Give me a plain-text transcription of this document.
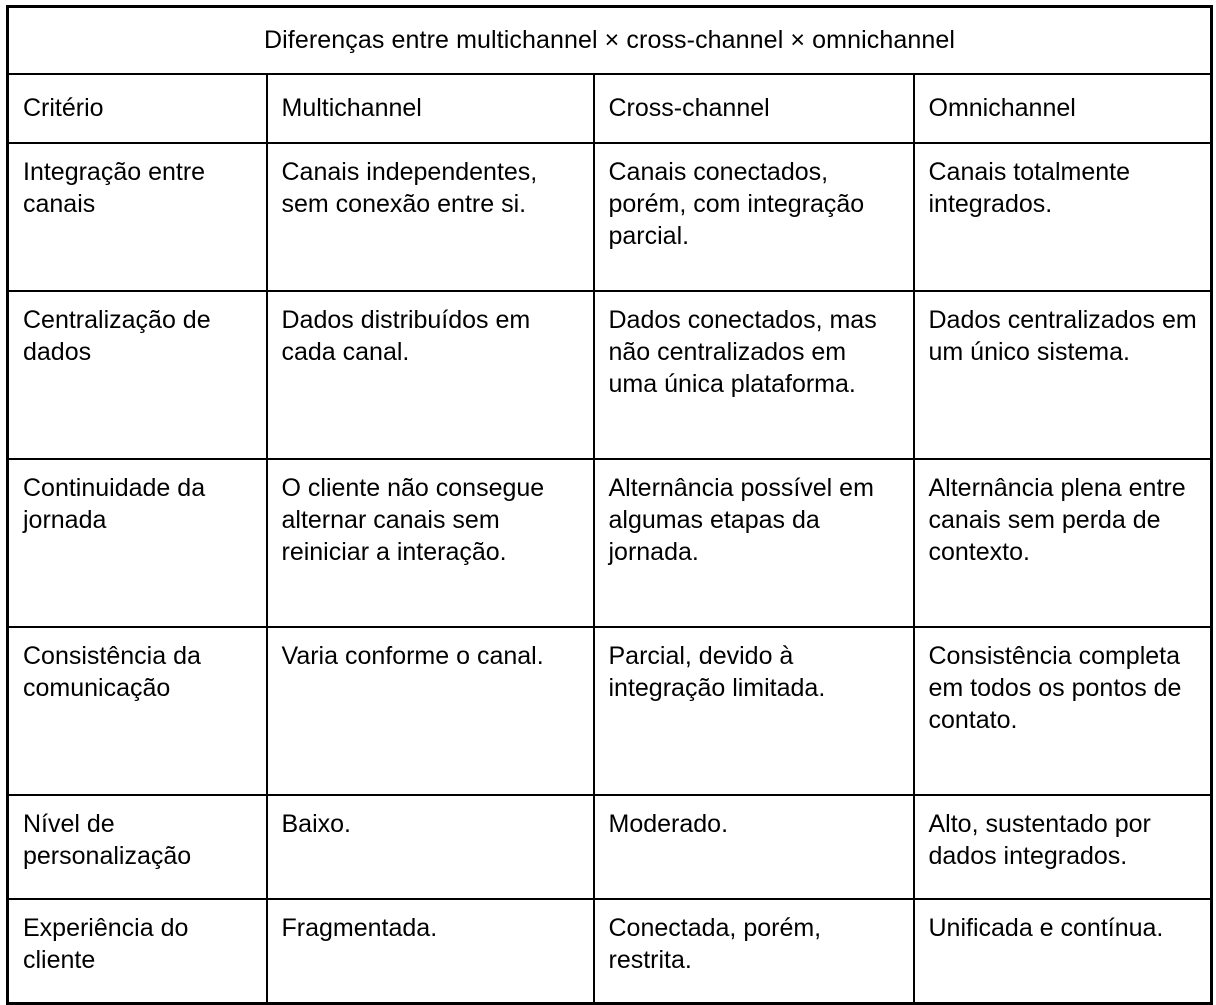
Diferenças entre multichannel × cross-channel × omnichannel			
Critério	Multichannel	Cross-channel	Omnichannel
Integração entre canais	Canais independentes, sem conexão entre si.	Canais conectados, porém, com integração parcial.	Canais totalmente integrados.
Centralização de dados	Dados distribuídos em cada canal.	Dados conectados, mas não centralizados em uma única plataforma.	Dados centralizados em um único sistema.
Continuidade da jornada	O cliente não consegue alternar canais sem reiniciar a interação.	Alternância possível em algumas etapas da jornada.	Alternância plena entre canais sem perda de contexto.
Consistência da comunicação	Varia conforme o canal.	Parcial, devido à integração limitada.	Consistência completa em todos os pontos de contato.
Nível de personalização	Baixo.	Moderado.	Alto, sustentado por dados integrados.
Experiência do cliente	Fragmentada.	Conectada, porém, restrita.	Unificada e contínua.
